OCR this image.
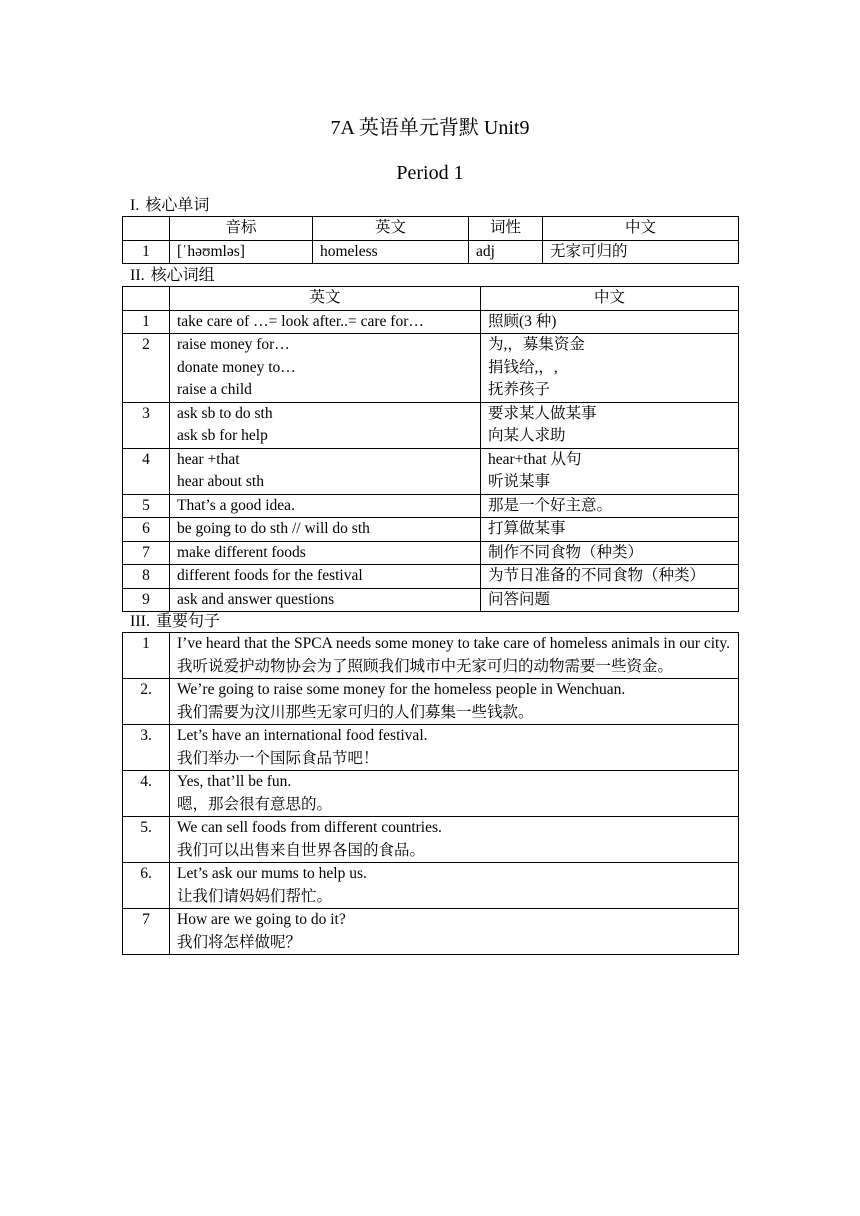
7A 英语单元背默 Unit9
Period 1
I. 核心单词
	音标	英文	词性	中文
1	[ˈhəʊmləs]	homeless	adj	无家可归的
II. 核心词组
	英文	中文
1	take care of …= look after..= care for…	照顾(3 种)

2	raise money for…
donate money to…
raise a child	为,，募集资金
捐钱给,，,
抚养孩子

3	ask sb to do sth
ask sb for help	要求某人做某事
向某人求助

4	hear +that
hear about sth	hear+that 从句
听说某事

5	That’s a good idea.	那是一个好主意。

6	be going to do sth // will do sth	打算做某事

7	make different foods	制作不同食物（种类）

8	different foods for the festival	为节日准备的不同食物（种类）

9	ask and answer questions	问答问题
III. 重要句子
1	I’ve heard that the SPCA needs some money to take care of homeless animals in our city.
我听说爱护动物协会为了照顾我们城市中无家可归的动物需要一些资金。

2.	We’re going to raise some money for the homeless people in Wenchuan.
我们需要为汶川那些无家可归的人们募集一些钱款。

3.	Let’s have an international food festival.
我们举办一个国际食品节吧！

4.	Yes, that’ll be fun.
嗯，那会很有意思的。

5.	We can sell foods from different countries.
我们可以出售来自世界各国的食品。

6.	Let’s ask our mums to help us.
让我们请妈妈们帮忙。

7	How are we going to do it?
我们将怎样做呢？
